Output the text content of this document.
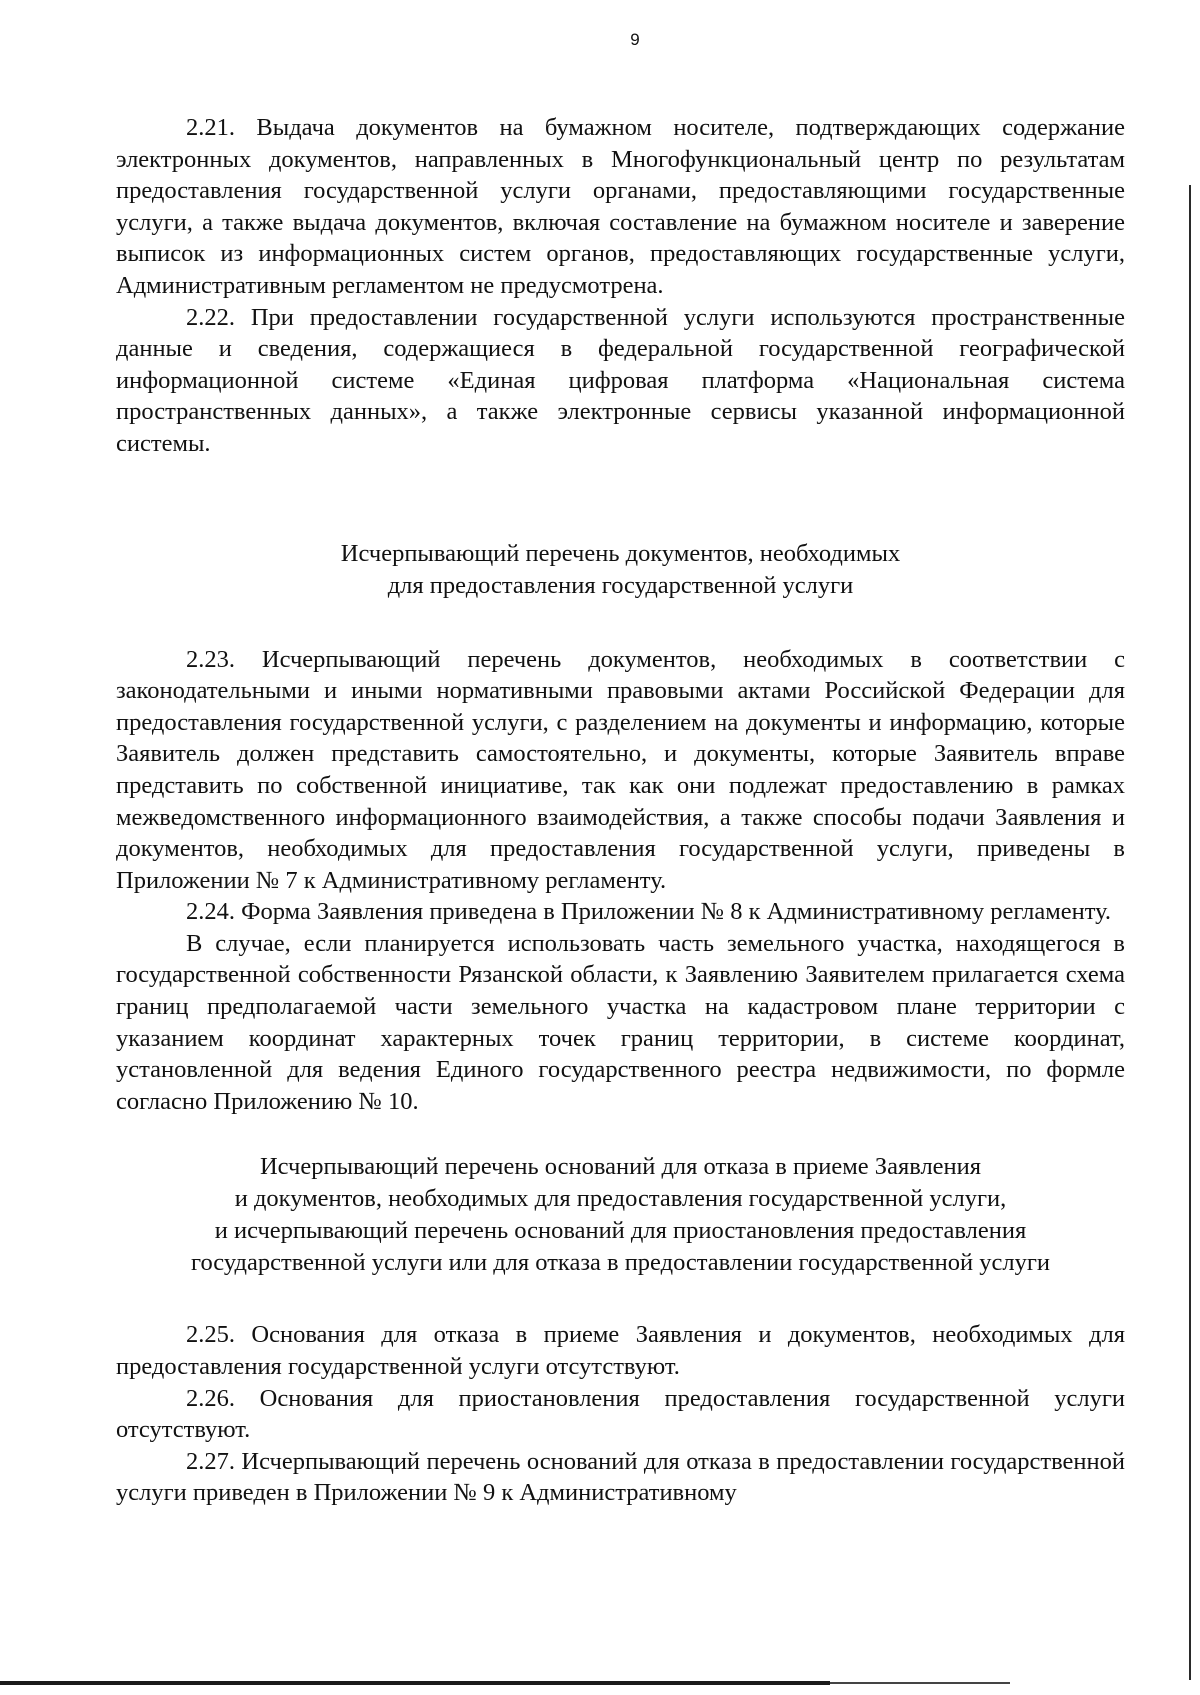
9

2.21. Выдача документов на бумажном носителе, подтверждающих содержание электронных документов, направленных в Многофункциональный центр по результатам предоставления государственной услуги органами, предоставляющими государственные услуги, а также выдача документов, включая составление на бумажном носителе и заверение выписок из информационных систем органов, предоставляющих государственные услуги, Административным регламентом не предусмотрена.

2.22. При предоставлении государственной услуги используются пространственные данные и сведения, содержащиеся в федеральной государственной географической информационной системе «Единая цифровая платформа «Национальная система пространственных данных», а также электронные сервисы указанной информационной системы.

Исчерпывающий перечень документов, необходимых
для предоставления государственной услуги

2.23. Исчерпывающий перечень документов, необходимых в соответствии с законодательными и иными нормативными правовыми актами Российской Федерации для предоставления государственной услуги, с разделением на документы и информацию, которые Заявитель должен представить самостоятельно, и документы, которые Заявитель вправе представить по собственной инициативе, так как они подлежат предоставлению в рамках межведомственного информационного взаимодействия, а также способы подачи Заявления и документов, необходимых для предоставления государственной услуги, приведены в Приложении № 7 к Административному регламенту.

2.24. Форма Заявления приведена в Приложении № 8 к Административному регламенту.

В случае, если планируется использовать часть земельного участка, находящегося в государственной собственности Рязанской области, к Заявлению Заявителем прилагается схема границ предполагаемой части земельного участка на кадастровом плане территории с указанием координат характерных точек границ территории, в системе координат, установленной для ведения Единого государственного реестра недвижимости, по формле согласно Приложению № 10.

Исчерпывающий перечень оснований для отказа в приеме Заявления
и документов, необходимых для предоставления государственной услуги,
и исчерпывающий перечень оснований для приостановления предоставления
государственной услуги или для отказа в предоставлении государственной услуги

2.25. Основания для отказа в приеме Заявления и документов, необходимых для предоставления государственной услуги отсутствуют.

2.26. Основания для приостановления предоставления государственной услуги отсутствуют.

2.27. Исчерпывающий перечень оснований для отказа в предоставлении государственной услуги приведен в Приложении № 9 к Административному
